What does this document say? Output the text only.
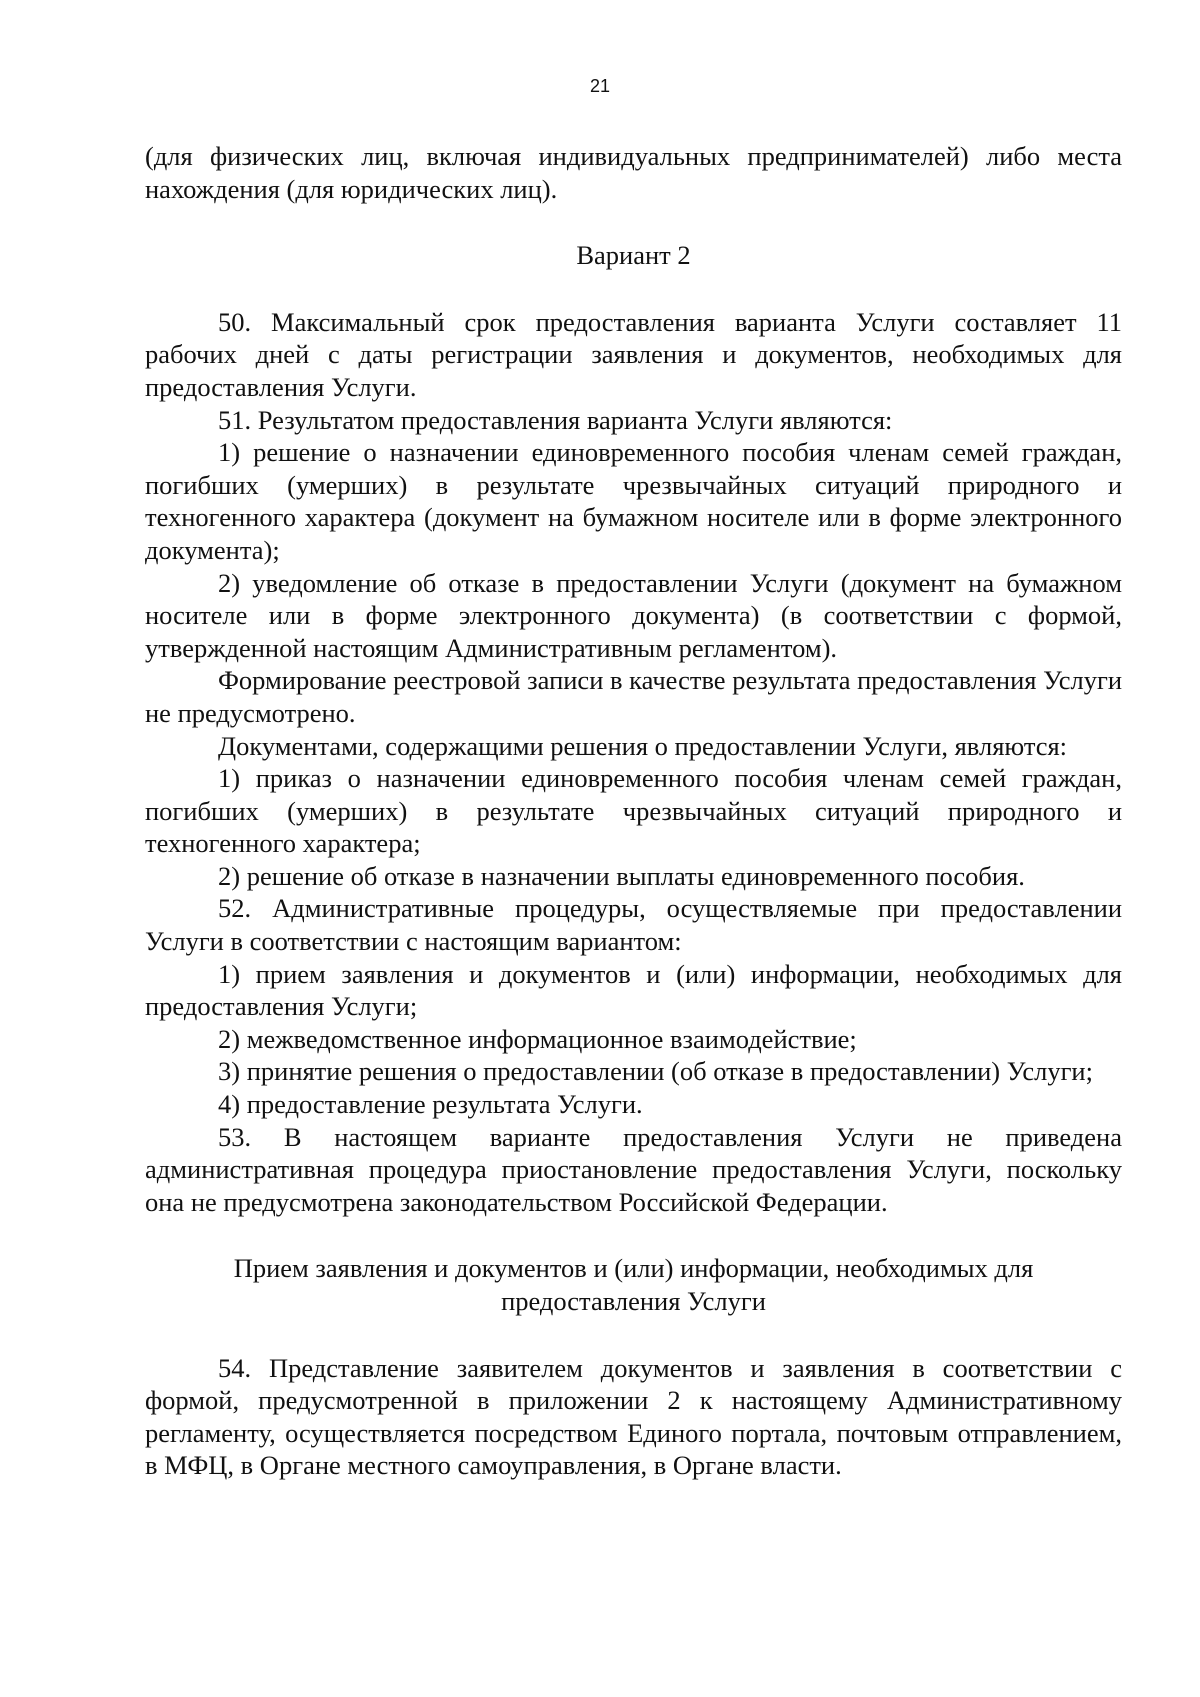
21

(для физических лиц, включая индивидуальных предпринимателей) либо места нахождения (для юридических лиц).

Вариант 2

50. Максимальный срок предоставления варианта Услуги составляет 11 рабочих дней с даты регистрации заявления и документов, необходимых для предоставления Услуги.

51. Результатом предоставления варианта Услуги являются:

1) решение о назначении единовременного пособия членам семей граждан, погибших (умерших) в результате чрезвычайных ситуаций природного и техногенного характера (документ на бумажном носителе или в форме электронного документа);

2) уведомление об отказе в предоставлении Услуги (документ на бумажном носителе или в форме электронного документа) (в соответствии с формой, утвержденной настоящим Административным регламентом).

Формирование реестровой записи в качестве результата предоставления Услуги не предусмотрено.

Документами, содержащими решения о предоставлении Услуги, являются:

1) приказ о назначении единовременного пособия членам семей граждан, погибших (умерших) в результате чрезвычайных ситуаций природного и техногенного характера;

2) решение об отказе в назначении выплаты единовременного пособия.

52. Административные процедуры, осуществляемые при предоставлении Услуги в соответствии с настоящим вариантом:

1) прием заявления и документов и (или) информации, необходимых для предоставления Услуги;

2) межведомственное информационное взаимодействие;

3) принятие решения о предоставлении (об отказе в предоставлении) Услуги;

4) предоставление результата Услуги.

53. В настоящем варианте предоставления Услуги не приведена административная процедура приостановление предоставления Услуги, поскольку она не предусмотрена законодательством Российской Федерации.

Прием заявления и документов и (или) информации, необходимых для
предоставления Услуги

54. Представление заявителем документов и заявления в соответствии с формой, предусмотренной в приложении 2 к настоящему Административному регламенту, осуществляется посредством Единого портала, почтовым отправлением, в МФЦ, в Органе местного самоуправления, в Органе власти.
